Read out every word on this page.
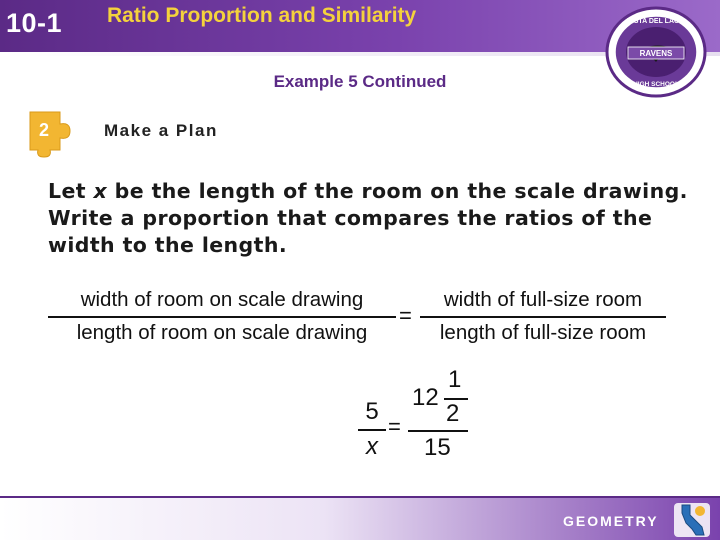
10-1 Ratio Proportion and Similarity
RAVENS
VISTA DEL LAGO
HIGH SCHOOL
Example 5 Continued
2	Make a Plan
Let x be the length of the room on the scale drawing. Write a proportion that compares the ratios of the width to the length.
width of room on scale drawing
length of room on scale drawing
=
width of full-size room
length of full-size room
5
x
=
12
1
2
15
GEOMETRY
